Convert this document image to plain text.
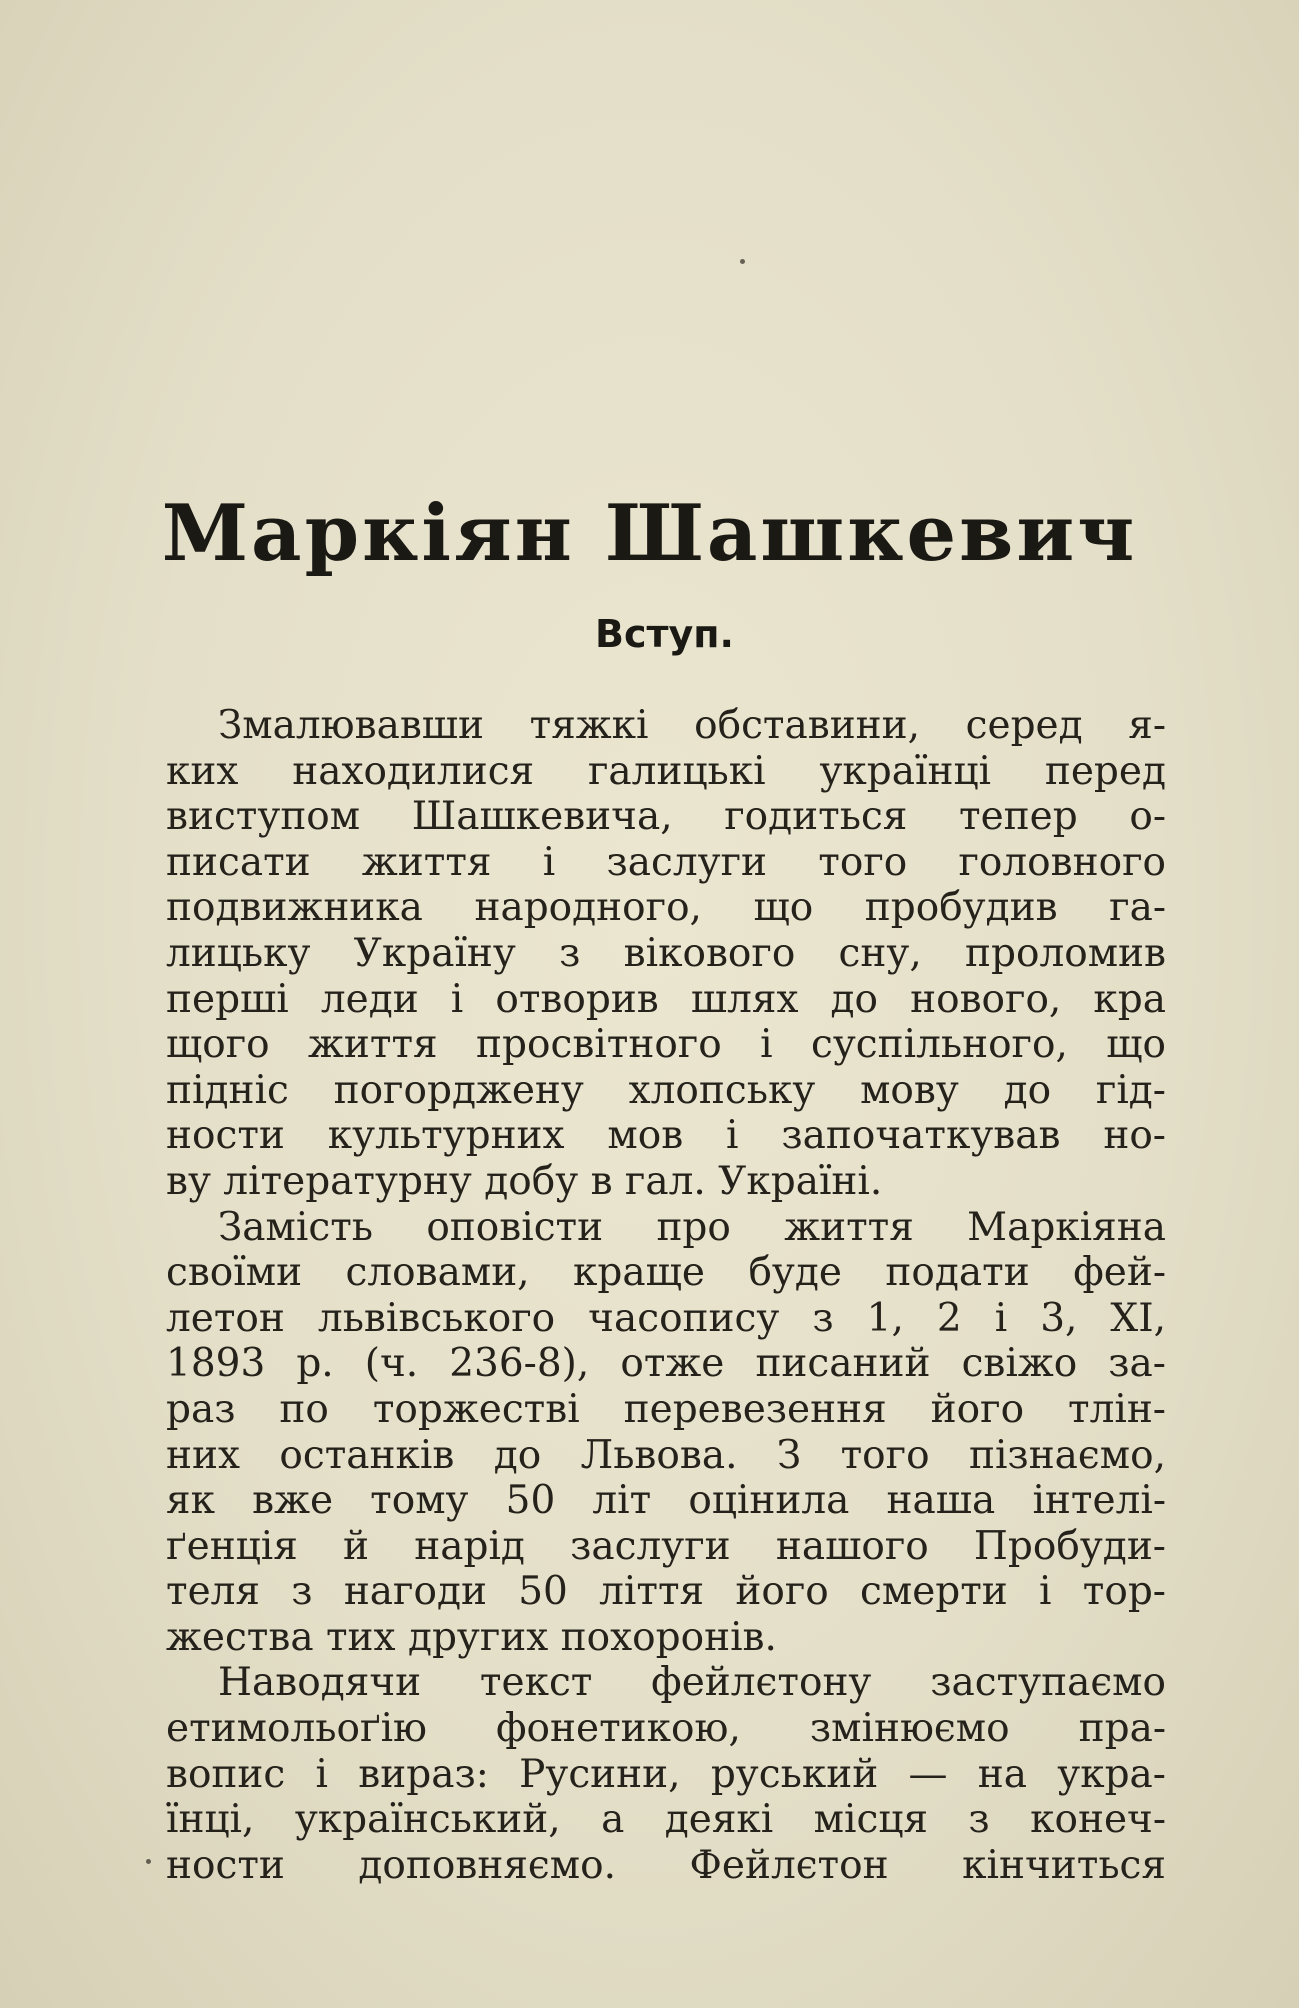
Маркіян Шашкевич
Вступ.
Змалювавши тяжкі обставини, серед я-
ких находилися галицькі українці перед
виступом Шашкевича, годиться тепер о-
писати життя і заслуги того головного
подвижника народного, що пробудив га-
лицьку Україну з вікового сну, проломив
перші леди і отворив шлях до нового, кра
щого життя просвітного і суспільного, що
підніс погорджену хлопську мову до гід-
ности культурних мов і започаткував но-
ву літературну добу в гал. Україні.
Замість оповісти про життя Маркіяна
своїми словами, краще буде подати фей-
летон львівського часопису з 1, 2 і 3, XI,
1893 р. (ч. 236-8), отже писаний свіжо за-
раз по торжестві перевезення його тлін-
них останків до Львова. З того пізнаємо,
як вже тому 50 літ оцінила наша інтелі-
ґенція й нарід заслуги нашого Пробуди-
теля з нагоди 50 ліття його смерти і тор-
жества тих других похоронів.
Наводячи текст фейлєтону заступаємо
етимольоґію фонетикою, змінюємо пра-
вопис і вираз: Русини, руський — на укра-
їнці, український, а деякі місця з конеч-
ности доповняємо. Фейлєтон кінчиться
